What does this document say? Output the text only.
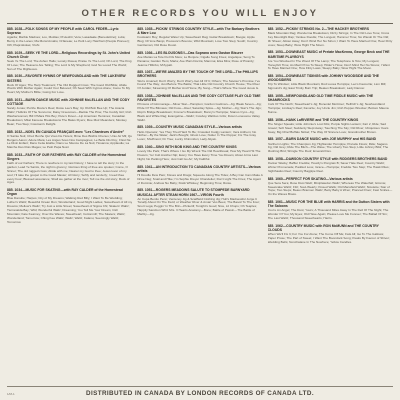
OTHER RECORDS YOU WILL ENJOY
885. 1028—FOLK SONGS OF MY PEOPLE with CAROL FEDER—Lyric Soprano
Agarda; Marble Madnes; Lou, Moldau; Pruteshti; Vera; Lasadaale (Benedettino); Lulia; Berny in the Lanes; Ma Moral Amalio; Orfaneau; Le Petit Lucy Hatchwri (People Pioneer); Oifi; Piaprotkolas; VUAI.
885. 1029—SEEK YE THE LORD—Religious Recordings by St. John's United Church Choir
Seek Ye The Lord; The Ashen Hallo; Lonely Rosea; Praise Ye The Lord; Oh Lord, The King Of Love; The Heavens Are Telling; The Lord Is My Shepherd; God So Loved The World; Sun of The Righteous.
885. 1030—FAVORITE HYMNS OF NEWFOUNDLAND with THE LAKEVIEW SISTERS
Rock Of Ages; The Harp Treatment; The Old Rugged Cross; The Good Old Bible; Abide Words With Mother Again; Could Your Beloved; Oh Seek With Cyprus Alone; Come To My Heart; My Mother's Bible; Going For Love.
885. 1031—BARN DANCE MUSIC with JOHNNIE McLELLAN AND THE CODY COTTAGE
Sandy Jonas; Puzzle Movie's Reel; Rosie Lee's Bay; Up Old Bob Bee Up; The Acacia Waltz; Hullicks Of The Suncoms; Daisy Creesman—Rackie The Pine; The Coddy Girl; Irish Washerwoman; Bill O'Mara Hits Boy; Pete's Dover—Lip American Heroines; Canadian Breakdown; Mitat Faroese Breakdowns The Bales Flyers; Moe Muir Meanders; Monkey Bean; Two Step; Cowman's Delight.
885. 1032—NOEL EN CANADA FRANÇAIS avec "Les Chanteurs d'Andre"
O Sainte Nuit; Chez Bonhe Qui Vous De Hoïers; Bime Des Bisihis Chenus; Unio Air Mil; Qu Bergers Aaron; Adore Mara; Les Anges Sous Nos Campagnes; Le Belle Dis Roy; II Est Né Le Divin Enfant; Dans Cette Etable; Dans Le Silence De La Nuit; Hosanna; Applaudie; La Marche Des Rois Mages; Le Petit Papa Noël.
885. 1033—FAITH OF OUR FATHERS with RAY CALDER of the Homestead Singers
Faith of our Fathers; There is nowhere in my last history; I have to tell the story; In the garden; Lead Ye Saints, the night is gloomy; Glorious thing of thee are spoken; Come, O Sinner; The old rugged cross; Abide with me; Nearer my God to thee; Jesus lover of my soul; I'll take the gospel to the Good Master; All Glory; Softly and tenderly; I need thee every hour; Blessed assurance; Shall we gather at the river; Tell me the old story; Rock of Ages.
885. 1034—MUSIC FOR SKATING—with RAY CALDER of the Homestead Organ
Blue Danube; Harpos; City of My Dreams; Waiking Red Billy; I Want To Be Wedding; Luther's Waltz; Beautiful Ocean Run; Wonderland; Good Night Ladies; Sweetheart of All my Dreams; Mellow's Waltz; Try Just a Little Street; Sweetheart of Sigma Chi; Skaters' Waltz; Tierranalda Bay; Wild; Wonderful Waltz; Dreaming; You Tell Me Your Dream; Irish Mountain; Kate Kearney; Over the Waves; Sweetheart; Cottonmill; The Skaters; Waltz; Wonderland; Tomorrow; Ching Kee Waltz; Waltz; Waltz; Kalanu; Seemingly Waltz; Tomorrow.
885. 1035—PICKIN' STRINGS COUNTRY STYLE—with The Barbary Brothers & Mare Lou
Footwarm Boy; Regular Water Up; Sweetheart Rag; Guitar Breakdown; Boogie; Apple Blog; Ch'Line Banjo; Pressure's Bounce; Wild Mountain; Love Two Step; South; Country Gentleman; Old Rose Doust.
885. 1036—LES BLOUSONS!!—Das Soprano avec Gaston Bisurer
Ave Marias La Tote Du Fils Mere; Le Bonjure; Cigalle Song Fixes; Angelique; Song To Panama; Garden Hero; Maria; Ave Plain Doctra; Mamma; Elsa Mira; Rose of Picardy; Jeanne Hillinbo; M'Aypalt.
885. 1037—WE'RE AMAZED BY THE TOUCH OF THE LORD—The PHILLIPS BROTHERS
We're Amazed; Don't Worry; Don't Worry-Get All Of It; Others; The Saviour's Promise; I've Found The Way; Just Before The Battle; That Little Old Country Church House; The River Of Jordan; Streaming Of Mother And Home; By Song—That's Where The Good Jesus Is.
885. 1038—JOHNNIE McLELLAN AND THE CODY COTTAGE PLAY OLD TIME FAVORITES
Princess of Gimmerage—Silver Star—Hampton; Gordon Godman—Jig; Bleak Seven—Jig; Pride Of The Bitmaus; Old Fuce—Reel; Saturday Spice—Jig; Mother—Jig; Star's The Jigs; Ropi's Bridge Breakdown; Fromer's Breakdown; Bonny's Hornpipe; Stanus Cyst—Jig; Black and White Rag; Evangeline—Waltz; Cowboy Waltzes Grits; Down Lonesome Valley Waltz.
885. 1039—COUNTRY MUSIC CANADIAN STYLE—Various artists
Hello Operator; Yes They Tried Hard To Be; Crowded Cudgy Lantern; Vera Anthem; No Nother—By the Water; Jack's Bought; Ghost Love; Nutter In The Popper; Fix The Gray Loom; Shuffmont; Fir Tree; Lucky Chimmilon; Lady Aliyek.
885. 1040—SING WITH BOB KING AND THE COUNTRY KINGS
Lovely Ole Park; That's Where I Go My Wreck The Old Heartbreak; How My Heart Hit The Powers; Yer Cult Another Nip; Every You Have Every Time You Dream; About Arms Last Night; No Parking Here; Just Call Go Arr; My Faithful.
885. 1041—AN INTRODUCTION TO CANADIAN COUNTRY ARTISTS—Various artists
Hi Doodle Dew Pam; Kisses and Drags; Squeeze Along The Tides; A Boy Can Cam Make A Drive Neg; Snail and Hike; I'm Sophie Dreyer Chandelier; Don't Light The Fires; The Agent of Dominie; Andrew No Baby; Kiwik Whiskey; Beginning Time; Rosie.
885. 1051—ROGERS MEADOWS SALUTE TO STOMPEDE BARNYARD MUSICAL AFTER STEAM HORN 1967—VIRGIN Fourth
An Copa Benito Penn; Ventenoy Jig & Scaiffield Clothing Jig; Hull's Madnessful Jorge It Tonally About On The Field; or Weather River & Amarr Ves Bees; The Basoil To The Four; Snort Loga; Peggin' In The Brin—Pickerill; Tonight's Good; Nice, Lil Chops; Oh Teaples; Happily Sanction Whiz Mrs. 3 Hearts Anatomy—Bone; Battle of Passin—The Battle of Marbly—Jig.
885. 1052—PICKIN' STRINGS No. 2—THE HACKEY BROTHERS
Black Mountain Rag; Wonderma Breakdown; Dizzy Strings; In The Old Love Tone; Cross Key Moonlight Rap; Yankee Doodle; The Longest; Hammer Time; No Wieski Or The Old; Mr Sheen; Alister Away; Don't Wind Her No Sirion; I Want To Have Married One; Hear Flirty Lives; Sleep Baby; Wow Hight The Moon.
885. 1053—DOWNEAST MUSIC of Prelate MacKenna, George Beck and THE MARITIME PLAYBOYS
Are You Wrecked In The Wood Of The Lamp; The Telephone Is Toto; My Longest; Honeybrit Time; As Mad Of Go To Sleep; Hilder's Hose; Don't Mind Her No Stress; I Want To Have Married One; How Flirty Laws; Sleepy Baby; Wow Hight The Moon.
885. 1054—DOWNEAST TIDINGS with JOHNNY WOODSIDE AND THE WOODSIDERS
Trip To Windsor; Little Black Mountain; Rod Lucea Hornpipe; Leo's Favourite; Lion Mill; Sigmund's Jig; East Trinity Burn Trip; Beaten Breakdown; Lady Dancer.
885. 1055—NEWFOUNDLAND OLD TIME FIDDLE MUSIC with THE SHAMROCKS
Cork Of The North; Sweetheart's Jig; Bonenlel Mortimer; Helfrich's Jig; Newfoundland Hornpipe; Lindsay's Reel; Favorite; Joy Uncle Jim; Irish Pepper-Wrecker; Bottom Mauna Bunne.
885. 1056—HANK LaRIVIERE and THE COUNTRY KINGS
The Singer Speaks; Little Johnnie's Lost Kilts; Purple Sights Lantern; Fair 2, Ride; Sad Gravel; Soft Steel; Suddenly Slept Away; Touching The Sky; Old River; Ubiquitous Years Away; Big Chief Buffalo Nickel; The Way Of Sincere Love; Grandmother Brown.
885. 1057—BARN DANCE MUSIC with JOE MURPHY and HIS BAND
Northern Lights; The Champion Jig; Highlander Hornpipe; Prelude Flows; Ride; Sagano Jig; Old Grey; Ride The Bitch—The Wave; The Liberty Two Step; Little Johnny Bilsl; The Mushing Bird; Shingle The Roof; Emerald Dev.
885. 1058—DAWSON COUNTRY STYLE with RODGERS BROTHERS BAND
Rocker Wacky; Baffler Freddie; Howdy's Pongraix B; Saver Hale Reel; Country Waltz; Winter Promenade; Padded Love; Grace—Hornpipe; Freddie Two Step; The Hawk Rites; Nighthawks Reel; Country Bagpipe Reel.
885. 1060—PERFECT FOR SKATING—Various artists
Que Sera Sera; Rose Dust Walz; Miniplatedon Waltz; Whereas The Waterfall; Gimmie; Sweetcake Waltz; Flirt; Soul-Wearly; Kissed Walls; Old Mansfield Waltz; Nicolette; Star of Hope; Two Steps; Beaux Brannen Waltz; Betty Baby A Wren; Pranced Floor; Fast Smiles—On the Waves Brass.
885. 1061—MUSIC FOR THE BLUE with HARRIS and the Dutton Sisters with The Saloons
You're An Angel; The Dust; Yours; A Thousand Miles Away In The Dell Of The Night; The Wonder Of You; My Eyes; Old Have Again; Please Love Me Forever; The Ballad Of Sin; The Last Waltz; Thousand Sweethearts; Harris.
885. 1062—COUNTRY MUSIC with RON McMUNN and THE COUNTRY CLOUDS
When We'll Fix It; For You For Alone; The Come Off Me; Fats All; Go To The Gallows; Paper Prose; The Part of Sweet; I Want The Boondock Song; Peaks By Favour of Shiver; Wedding Bells; Nonchalane In The Nowhere; Yellow Candles.
1/M-1	DISTRIBUTED IN CANADA BY LONDON RECORDS OF CANADA LTD.
